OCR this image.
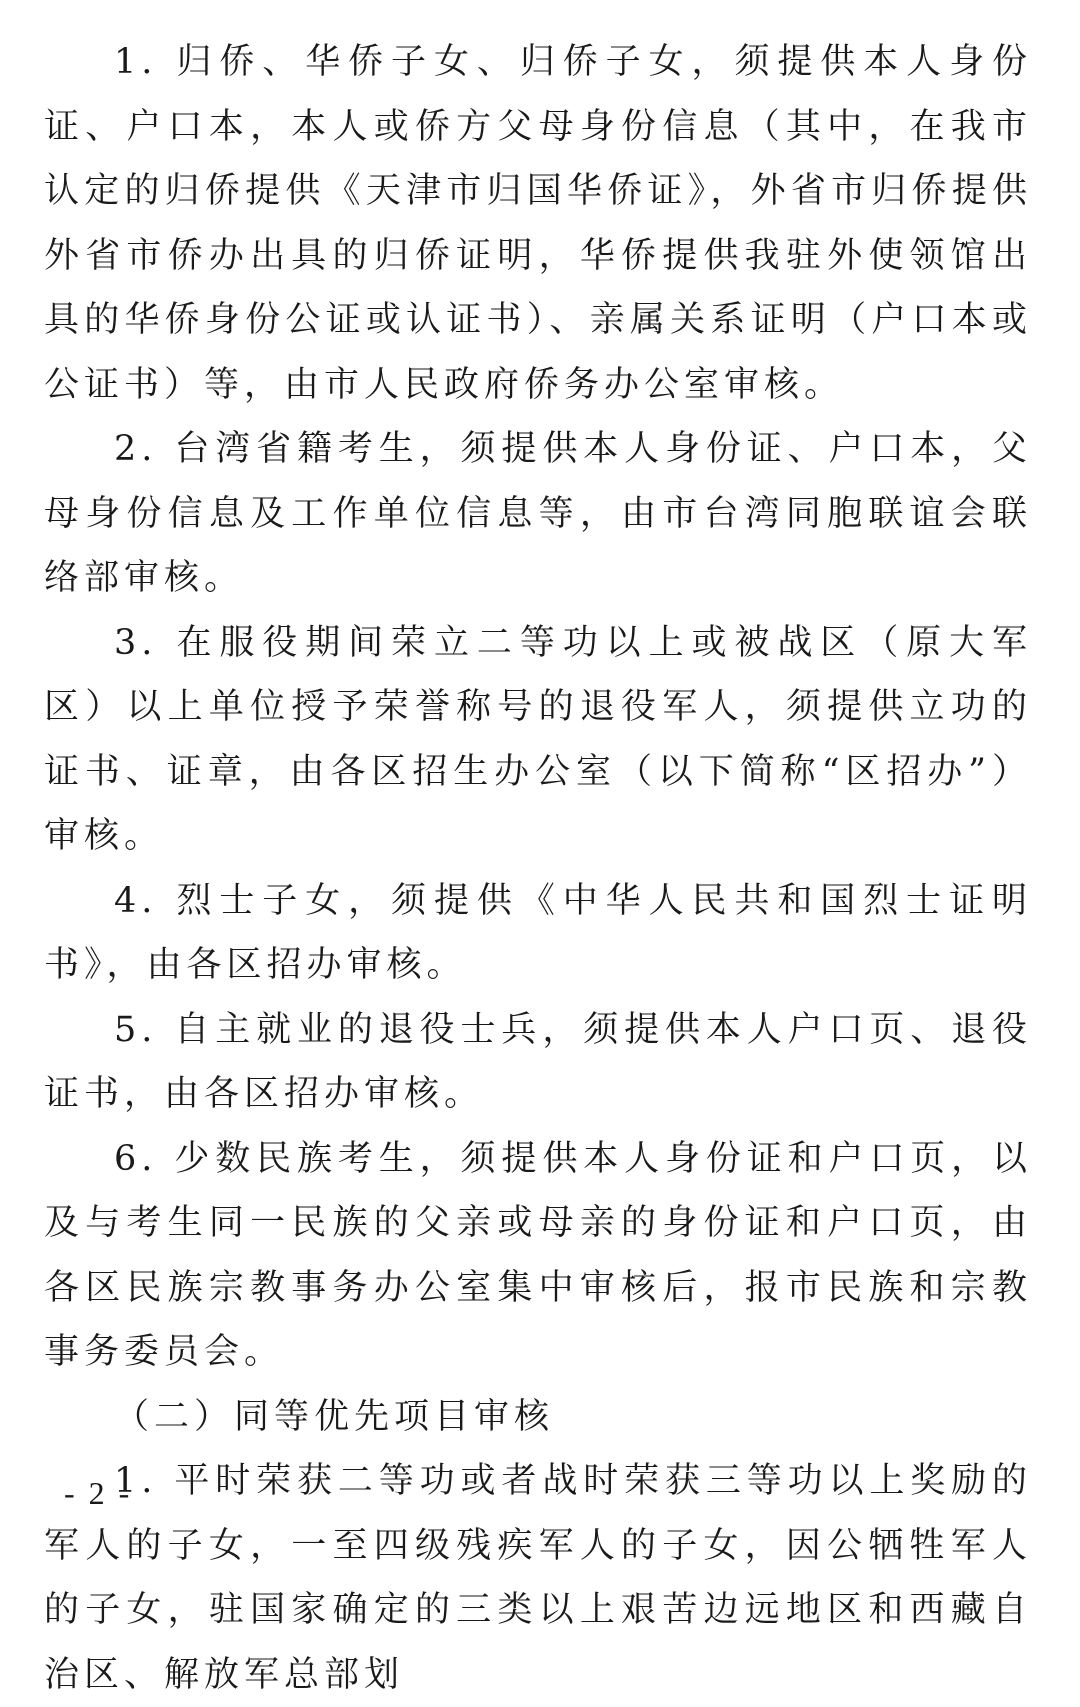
1. 归侨、华侨子女、归侨子女，须提供本人身份证、户口本，本人或侨方父母身份信息（其中，在我市认定的归侨提供《天津市归国华侨证》，外省市归侨提供外省市侨办出具的归侨证明，华侨提供我驻外使领馆出具的华侨身份公证或认证书）、亲属关系证明（户口本或公证书）等，由市人民政府侨务办公室审核。

2. 台湾省籍考生，须提供本人身份证、户口本，父母身份信息及工作单位信息等，由市台湾同胞联谊会联络部审核。

3. 在服役期间荣立二等功以上或被战区（原大军区）以上单位授予荣誉称号的退役军人，须提供立功的证书、证章，由各区招生办公室（以下简称“区招办”）审核。

4. 烈士子女，须提供《中华人民共和国烈士证明书》，由各区招办审核。

5. 自主就业的退役士兵，须提供本人户口页、退役证书，由各区招办审核。

6. 少数民族考生，须提供本人身份证和户口页，以及与考生同一民族的父亲或母亲的身份证和户口页，由各区民族宗教事务办公室集中审核后，报市民族和宗教事务委员会。

（二）同等优先项目审核

1. 平时荣获二等功或者战时荣获三等功以上奖励的军人的子女，一至四级残疾军人的子女，因公牺牲军人的子女，驻国家确定的三类以上艰苦边远地区和西藏自治区、解放军总部划

- 2 -
